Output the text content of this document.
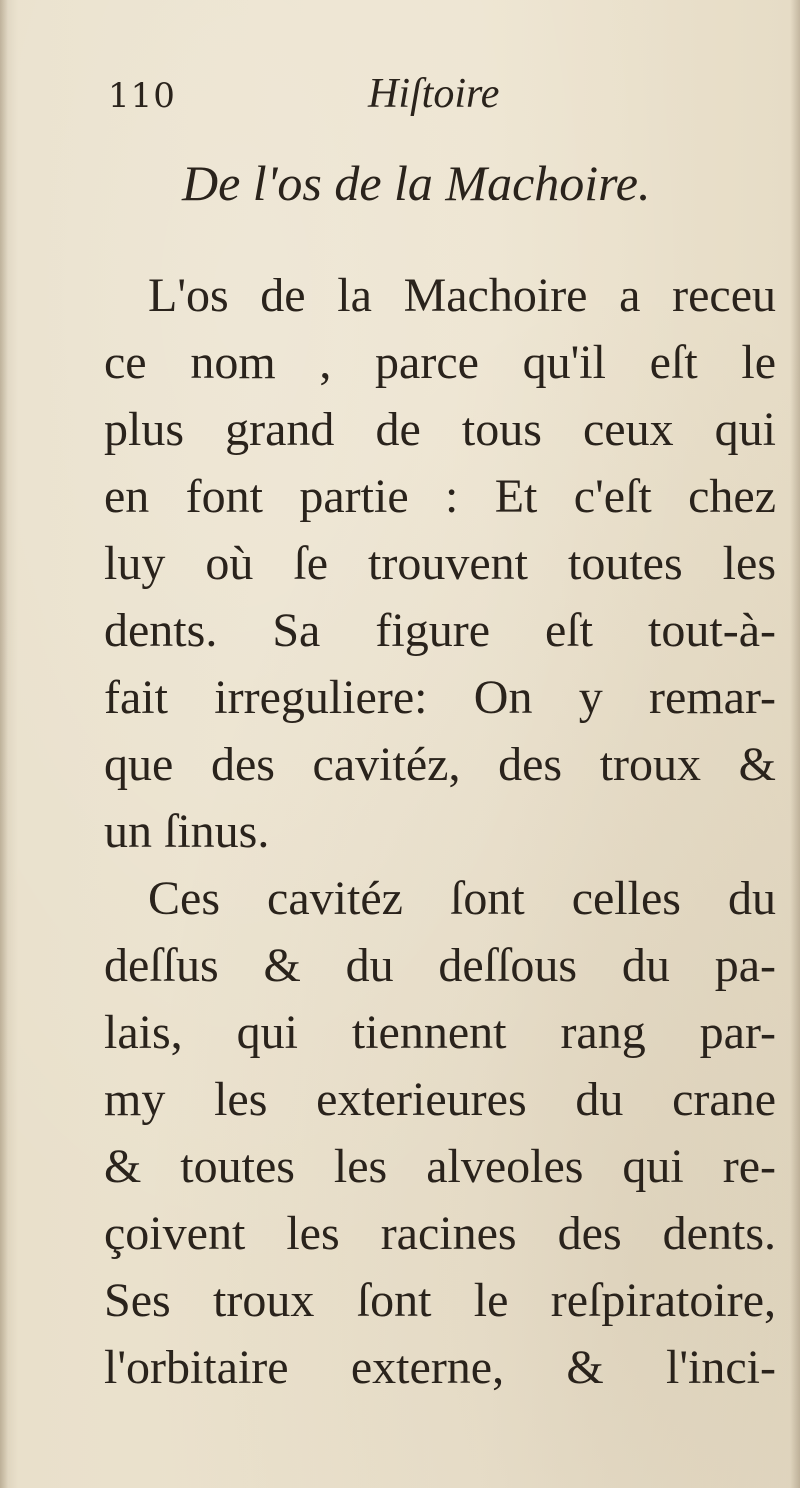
110	Hiſtoire
De l'os de la Machoire.
L'os de la Machoire a receu
ce nom , parce qu'il eſt le
plus grand de tous ceux qui
en font partie : Et c'eſt chez
luy où ſe trouvent toutes les
dents. Sa figure eſt tout-à-
fait irreguliere: On y remar-
que des cavitéz, des troux &
un ſinus.
Ces cavitéz ſont celles du
deſſus & du deſſous du pa-
lais, qui tiennent rang par-
my les exterieures du crane
& toutes les alveoles qui re-
çoivent les racines des dents.
Ses troux ſont le reſpiratoire,
l'orbitaire externe, & l'inci-
